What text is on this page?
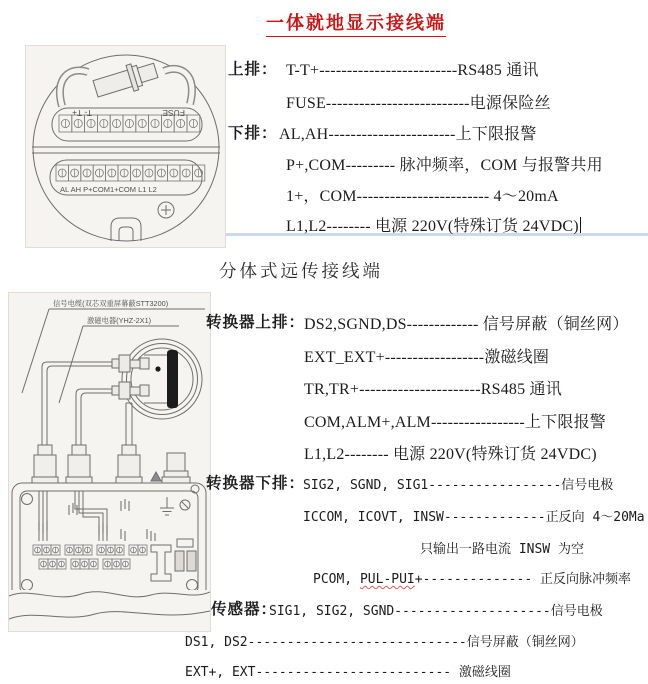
一体就地显示接线端
T- T+	FUSE
AL AH P+COM1+COM L1 L2
上排： T-T+-------------------------RS485 通讯
FUSE--------------------------电源保险丝
下排： AL,AH-----------------------上下限报警
P+,COM--------- 脉冲频率，COM 与报警共用
1+，COM------------------------ 4～20mA
L1,L2-------- 电源 220V(特殊订货 24VDC)
分体式远传接线端
信号电缆(双芯双重屏幕蔽STT3200)
激磁电器(YHZ-2X1)	转换器上排：
DS2,SGND,DS------------- 信号屏蔽（铜丝网）
EXT_EXT+------------------激磁线圈
TR,TR+----------------------RS485 通讯
COM,ALM+,ALM-----------------上下限报警
L1,L2-------- 电源 220V(特殊订货 24VDC)
转换器下排：
SIG2, SGND, SIG1-----------------信号电极
ICCOM, ICOVT, INSW-------------正反向 4～20Ma
只输出一路电流 INSW 为空
PCOM, PUL-PUI+-------------- 正反向脉冲频率
传感器：
SIG1, SIG2, SGND--------------------信号电极
DS1, DS2----------------------------信号屏蔽（铜丝网）
EXT+, EXT------------------------- 激磁线圈
